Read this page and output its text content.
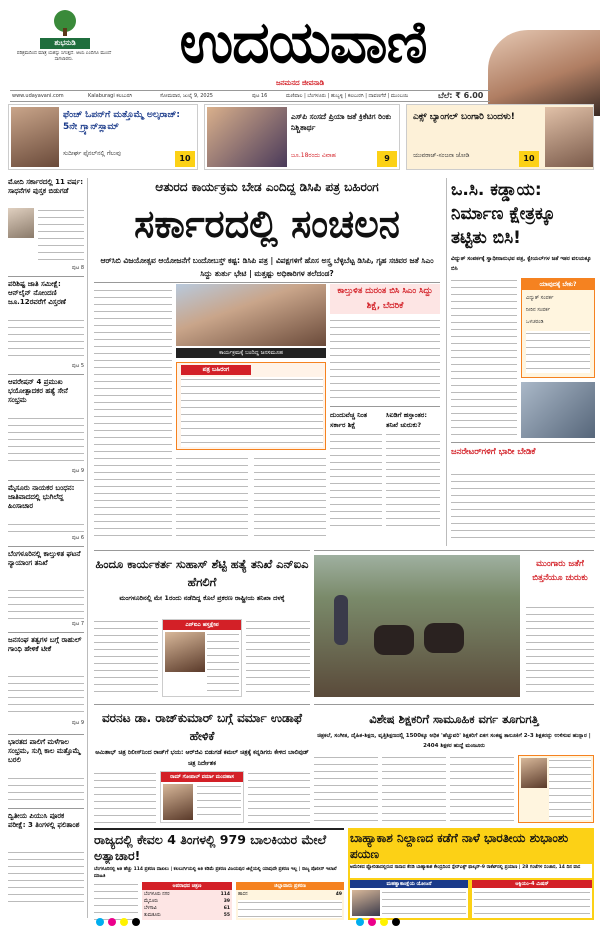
ಶುಭನುಡಿ
ಪರಿಶ್ರಮದಿಂದ ಮಾತ್ರ ಯಶಸ್ಸು ಸಿಗುತ್ತದೆ. ಆಲಸಿ ಎಂದಿಗೂ ಮುಂದೆ ಸಾಗಲಾರನು.	ಉದಯವಾಣಿ
ಜನಮನದ ಜೀವನಾಡಿ
www.udayavani.com	Kalaburagi ಕಲಬುರಗಿ	ಸೋಮವಾರ, ಜುಲೈ 9, 2025	ಪುಟ 16	ಮಣಿಪಾಲ | ಬೆಂಗಳೂರು | ಹುಬ್ಬಳ್ಳಿ | ಕಲಬುರಗಿ | ದಾವಣಗೆರೆ | ಮುಂಬಯಿ	ಬೆಲೆ: ₹ 6.00
ಫೆಂಚ್ ಓಪನ್‌ಗೆ ಮತ್ತೊಮ್ಮೆ ಅಲ್ಕರಾಜ್: 5ನೇ ಗ್ರ್ಯಾನ್‌ಸ್ಲಾಮ್
ಸುದೀರ್ಘ ಫೈನಲ್‌ನಲ್ಲಿ ಗೆಲುವು
10
ಎಸ್‌ಪಿ ಸಂಸದೆ ಪ್ರಿಯಾ ಜತೆ ಕ್ರಿಕೆಟಿಗ ರಿಂಕು ನಿಶ್ಚಿತಾರ್ಥ
ಜೂ.18ರಂದು ವಿವಾಹ	9
ಎಕ್ಸ್ ಬ್ಯಾಂಗಲ್ ಬಂಗಾರಿ ಬಂದಳು!
ಯುವರಾಜ್-ಸಂಜನಾ ಜೋಡಿ	10
ಮೋದಿ ಸರ್ಕಾರದಲ್ಲಿ 11 ವರ್ಷ: ಸಾಧನೆಗಳ ಪುಸ್ತಕ ಬಿಡುಗಡೆ
ಪುಟ 8
ಪರಿಶಿಷ್ಟ ಜಾತಿ ಸಮೀಕ್ಷೆ: ಆನ್‌ಲೈನ್ ನೋಂದಣಿ ಜೂ.12ರವರೆಗೆ ವಿಸ್ತರಣೆ
ಪುಟ 5
ಆಪರೇಷನ್ 4 ಪ್ರಮುಖ ಭಯೋತ್ಪಾದಕರ ಹತ್ಯೆ ಸೇನೆ ಸಂಭ್ರಮ
ಪುಟ 9
ಮೈಸೂರು ನಾಯಕರ ಬಂಧನ: ಜಾತಿವಾದದಲ್ಲಿ ಭುಗಿಲೆದ್ದ ಹಿಂಸಾಚಾರ
ಪುಟ 6
ಬೆಂಗಳೂರಿನಲ್ಲಿ ಕಾಲ್ತುಳಿತ ಘಟನೆ ನ್ಯಾಯಾಂಗ ತನಿಖೆ
ಪುಟ 7
ಜನಸಂಘ ತತ್ವಗಳ ಬಗ್ಗೆ ರಾಹುಲ್ ಗಾಂಧಿ ಹೇಳಿಕೆ ಟೀಕೆ
ಪುಟ 9
ಭಾರತದ ಪಾಲಿಗೆ ಮಳೆಗಾಲ ಸಂಭ್ರಮ, ಸುಗ್ಗಿ ಕಾಲ ಮತ್ತೊಮ್ಮೆ ಬರಲಿ
ದ್ವಿತೀಯ ಪಿಯುಸಿ ಪೂರಕ ಪರೀಕ್ಷೆ: 3 ತಿಂಗಳಲ್ಲಿ ಫಲಿತಾಂಶ
ಆತುರದ ಕಾರ್ಯಕ್ರಮ ಬೇಡ ಎಂದಿದ್ದ ಡಿಸಿಪಿ ಪತ್ರ ಬಹಿರಂಗ
ಸರ್ಕಾರದಲ್ಲಿ ಸಂಚಲನ
ಆರ್‌ಸಿಬಿ ವಿಜಯೋತ್ಸವ ಆಯೋಜನೆಗೆ ಬಂದೋಬಸ್ತ್ ಕಷ್ಟ: ಡಿಸಿಪಿ ಪತ್ರ | ವಿಪಕ್ಷಗಳಿಗೆ ಹೊಸ ಅಸ್ತ್ರ ಬೆಳ್ಳಿಬೆಟ್ಟ ಡಿಸಿಪಿ, ಗೃಹ ಸಚಿವರ ಜತೆ ಸಿಎಂ ಸಿದ್ದು ತುರ್ತು ಭೇಟಿ | ಮತ್ತಷ್ಟು ಅಧಿಕಾರಿಗಳ ತಲೆದಂಡ?
ಕಾರ್ಯಕ್ರಮಕ್ಕೆ ಬಂದಿದ್ದ ಜನಸಮೂಹ
ಪತ್ರ ಬಹಿರಂಗ
ಕಾಲ್ತುಳಿತ ದುರಂತ ಬಿಸಿ ಸಿಎಂ ಸಿದ್ದು ಶಿಕ್ಷೆ, ಬೆದರಿಕೆ
ದುಂದುವೆಚ್ಚ ನಿಂತ ಸರ್ಕಾರ ಶಿಕ್ಷೆ
ಸಿಐಡಿಗೆ ಹಸ್ತಾಂತರ: ತನಿಖೆ ಚುರುಕು?
ಒ.ಸಿ. ಕಡ್ಡಾಯ: ನಿರ್ಮಾಣ ಕ್ಷೇತ್ರಕ್ಕೂ ತಟ್ಟಿತು ಬಿಸಿ!
ವಿದ್ಯುತ್ ಸಂಪರ್ಕಕ್ಕೆ ಸ್ವಾಧೀನಾನುಭವ ಪತ್ರ, ಕ್ವೇಯಲ್‌ಗಳ ಜತೆ ಇತರ ವಲಯಕ್ಕೂ ಬಿಸಿ
ಯಾವುದಕ್ಕೆ ಬೇಕು?
ವಿದ್ಯುತ್ ಸಂಪರ್ಕ
ನೀರಿನ ಸಂಪರ್ಕ
ಒಳಚರಂಡಿ
ಜನರೇಟರ್‌ಗಳಿಗೆ ಭಾರೀ ಬೇಡಿಕೆ
ಹಿಂದೂ ಕಾರ್ಯಕರ್ತ ಸುಹಾಸ್ ಶೆಟ್ಟಿ ಹತ್ಯೆ ತನಿಖೆ ಎನ್‌ಐಎ ಹೆಗಲಿಗೆ
ಮಂಗಳೂರಿನಲ್ಲಿ ಮೇ 1ರಂದು ನಡೆದಿದ್ದ ಕೊಲೆ ಪ್ರಕರಣ ರಾಷ್ಟ್ರೀಯ ತನಿಖಾ ದಳಕ್ಕೆ
ಎನ್‌ಐಎ ಹಸ್ತಕ್ಷೇಪ
ಮುಂಗಾರು ಜತೆಗೆ ಬಿತ್ತನೆಯೂ ಚುರುಕು
ವರನಟ ಡಾ. ರಾಜ್‌ಕುಮಾರ್ ಬಗ್ಗೆ ವರ್ಮಾ ಉಡಾಫೆ ಹೇಳಿಕೆ
ಅಮಿತಾಭ್ ಚಿತ್ರ ರಿಲೀಸ್‌ನಿಂದ ರಾಜ್‌ಗೆ ಭಯ: ಆರ್‌ಜಿವಿ ಬಿಡುಗಡೆ ಕಮಲ್ ಚಿತ್ರಕ್ಕೆ ಕನ್ನಡಿಗರು ಕೇಳಿದ ಬಾಲಿವುಡ್ ಚಿತ್ರ ನಿರ್ದೇಶಕ
ರಾಮ್ ಗೋಪಾಲ್ ವರ್ಮಾ ಮಂದಹಾಸ
ವಿಶೇಷ ಶಿಕ್ಷಕರಿಗೆ ಸಾಮೂಹಿಕ ವರ್ಗ ತೂಗುಗತ್ತಿ
ಚಿತ್ರಕಲೆ, ಸಂಗೀತ, ದೈಹಿಕ-ಶಿಕ್ಷಣ, ವೃತ್ತಿಶಿಕ್ಷಣದಲ್ಲಿ 1500ಕ್ಕೂ ಅಧಿಕ 'ಹೆಚ್ಚುವರಿ' ಶಿಕ್ಷಕರಿಗೆ ಏಕಗ ಸಂಕಷ್ಟ ತಾಲೂಕಿಗೆ 2-3 ಶಿಕ್ಷಕರನ್ನು ಉಳಿಸುವ ಹುನ್ನಾರ | 2404 ಶಿಕ್ಷಕರ ಹುದ್ದೆ ಮಂಜೂರು
ರಾಜ್ಯದಲ್ಲಿ ಕೇವಲ 4 ತಿಂಗಳಲ್ಲಿ 979 ಬಾಲಕಿಯರ ಮೇಲೆ ಅತ್ಯಾಚಾರ!
ಬೆಂಗಳೂರಿನಲ್ಲಿ ಅತಿ ಹೆಚ್ಚು 114 ಪ್ರಕರಣ ದಾಖಲು | ಕಲಬುರ್ಗಿಯಲ್ಲಿ ಅತಿ ಕಡಿಮೆ ಪ್ರಕರಣ ವಿಜಯಪುರ ಜಿಲ್ಲೆಯಲ್ಲಿ ಯಾವುದೇ ಪ್ರಕರಣ ಇಲ್ಲ | ರಾಜ್ಯ ಪೊಲೀಸ್ ಇಲಾಖೆ ಮಾಹಿತಿ
ಅಪರಾಧದ ಚಿತ್ರಣ
ಬೆಂಗಳೂರು ನಗರ	114
ಮೈಸೂರು	39
ಬೆಳಗಾವಿ	61
ತುಮಕೂರು	55
ಜಿಲ್ಲಾವಾರು ಪ್ರಕರಣ
ಹಾಸನ	49
ಬಾಹ್ಯಾಕಾಶ ನಿಲ್ದಾಣದ ಕಡೆಗೆ ನಾಳೆ ಭಾರತೀಯ ಶುಭಾಂಶು ಪಯಣ
ಅಮೆರಿಕದ ಫ್ಲೋರಿಡಾದಲ್ಲಿರುವ ನಾಸಾದ ಕೆನಡಿ ಬಾಹ್ಯಾಕಾಶ ಕೇಂದ್ರದಿಂದ ಸ್ಪೇಸ್‌ಎಕ್ಸ್ ಫಾಲ್ಕನ್-9 ರಾಕೆಟ್‌ನಲ್ಲಿ ಪ್ರಯಾಣ | 28 ಗಂಟೆಗಳ ಸಂಚಾರ, 14 ದಿನ ವಾಸ
ಮಹತ್ವಾಕಾಂಕ್ಷೆಯ ಯೋಜನೆ	ಆಕ್ಸಿಯಂ-4 ಮಿಷನ್
